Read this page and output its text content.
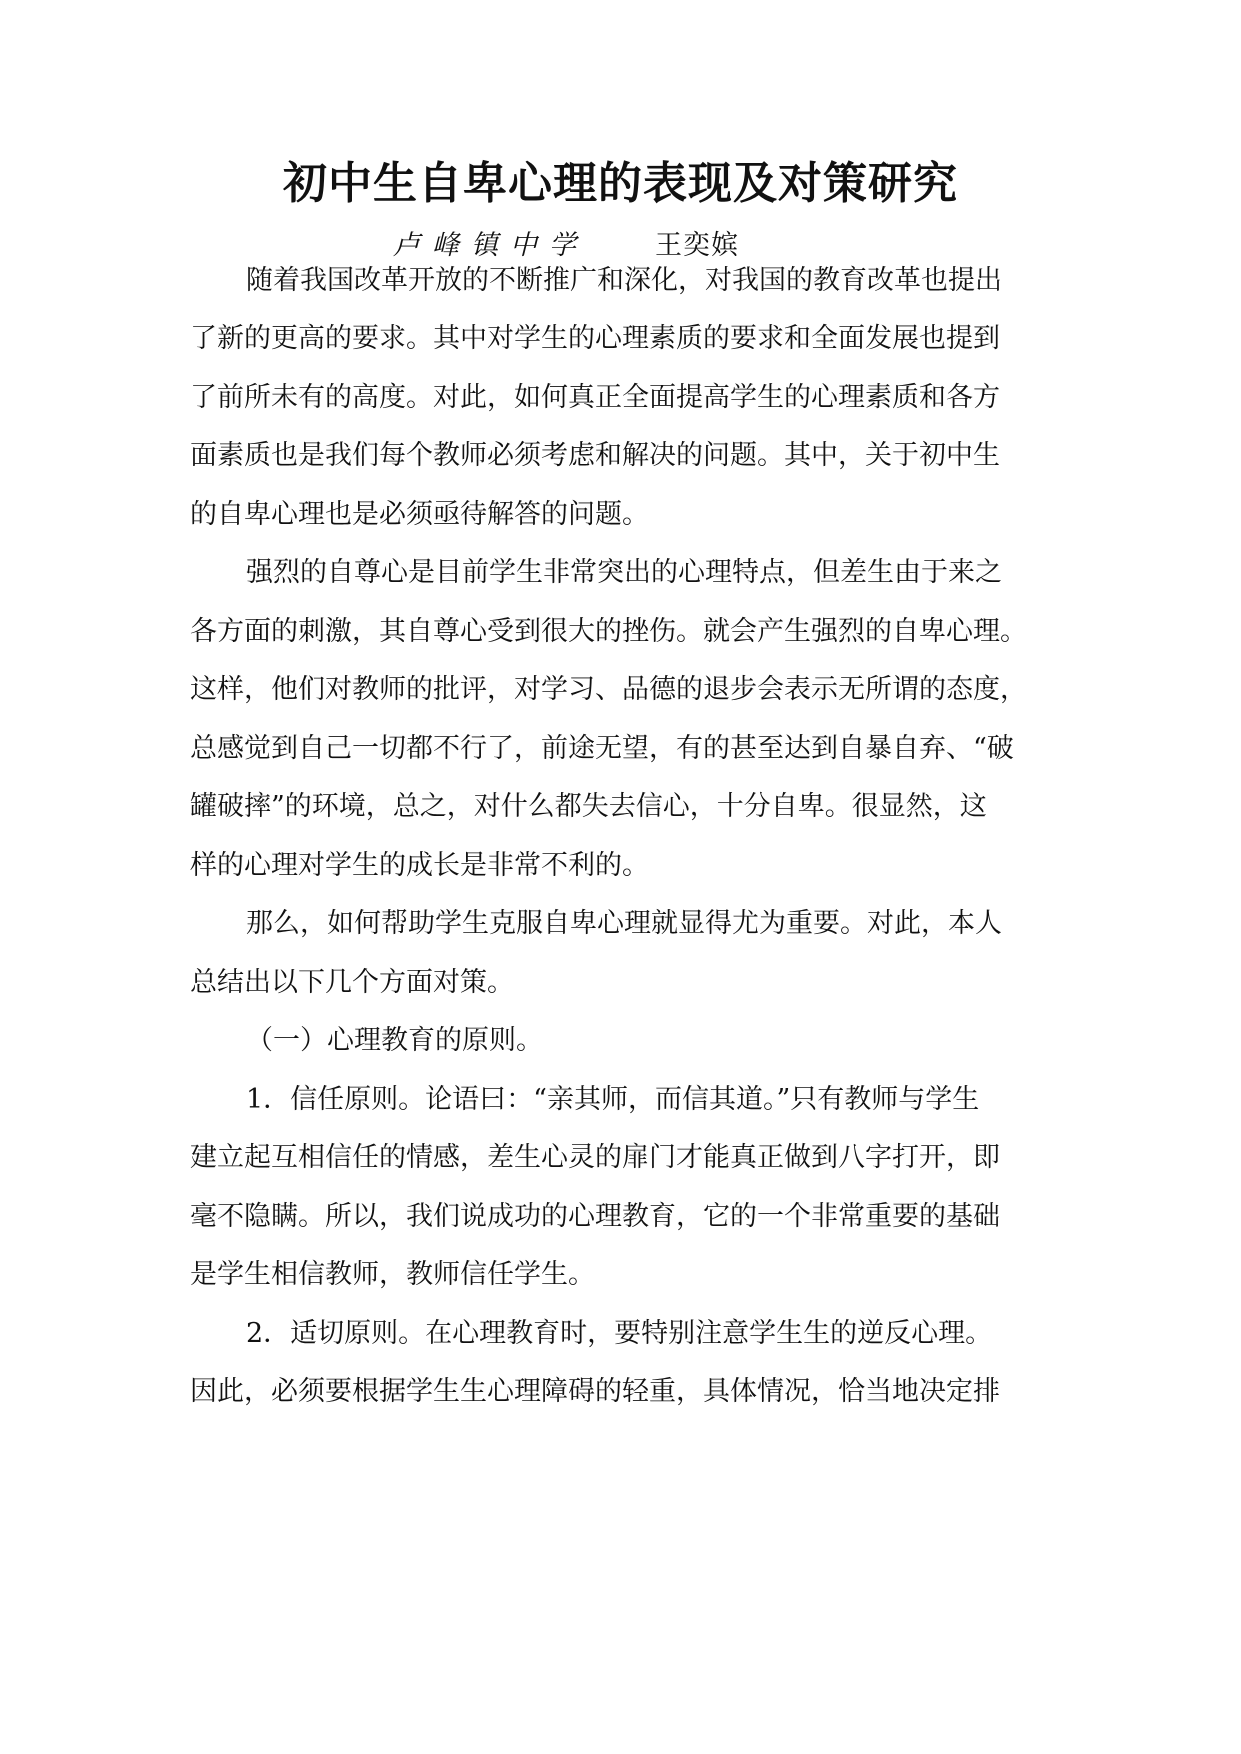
初中生自卑心理的表现及对策研究
卢峰镇中学 王奕嫔
随着我国改革开放的不断推广和深化，对我国的教育改革也提出
了新的更高的要求。其中对学生的心理素质的要求和全面发展也提到
了前所未有的高度。对此，如何真正全面提高学生的心理素质和各方
面素质也是我们每个教师必须考虑和解决的问题。其中，关于初中生
的自卑心理也是必须亟待解答的问题。
强烈的自尊心是目前学生非常突出的心理特点，但差生由于来之
各方面的刺激，其自尊心受到很大的挫伤。就会产生强烈的自卑心理。
这样，他们对教师的批评，对学习、品德的退步会表示无所谓的态度，
总感觉到自己一切都不行了，前途无望，有的甚至达到自暴自弃、“破
罐破摔”的环境，总之，对什么都失去信心，十分自卑。很显然，这
样的心理对学生的成长是非常不利的。
那么，如何帮助学生克服自卑心理就显得尤为重要。对此，本人
总结出以下几个方面对策。
（一）心理教育的原则。
1．信任原则。论语曰：“亲其师，而信其道。”只有教师与学生
建立起互相信任的情感，差生心灵的扉门才能真正做到八字打开，即
毫不隐瞒。所以，我们说成功的心理教育，它的一个非常重要的基础
是学生相信教师，教师信任学生。
2．适切原则。在心理教育时，要特别注意学生生的逆反心理。
因此，必须要根据学生生心理障碍的轻重，具体情况，恰当地决定排
